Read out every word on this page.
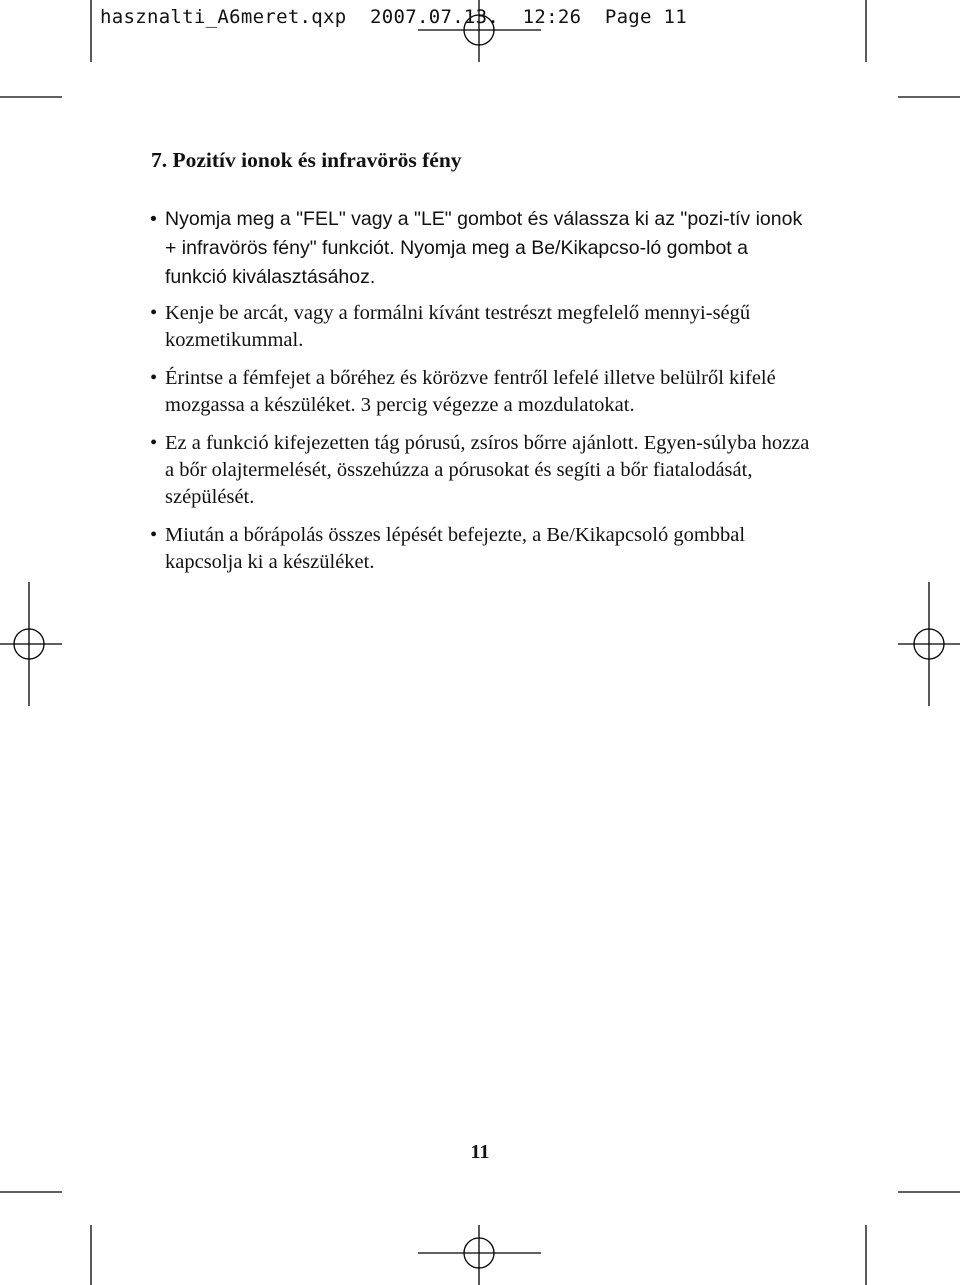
hasznalti_A6meret.qxp 2007.07.13. 12:26 Page 11
7. Pozitív ionok és infravörös fény
• Nyomja meg a "FEL" vagy a "LE" gombot és válassza ki az "pozi-tív ionok + infravörös fény" funkciót. Nyomja meg a Be/Kikapcso-ló gombot a funkció kiválasztásához.
• Kenje be arcát, vagy a formálni kívánt testrészt megfelelő mennyi-ségű kozmetikummal.
• Érintse a fémfejet a bőréhez és körözve fentről lefelé illetve belülről kifelé mozgassa a készüléket. 3 percig végezze a mozdulatokat.
• Ez a funkció kifejezetten tág pórusú, zsíros bőrre ajánlott. Egyen-súlyba hozza a bőr olajtermelését, összehúzza a pórusokat és segíti a bőr fiatalodását, szépülését.
• Miután a bőrápolás összes lépését befejezte, a Be/Kikapcsoló gombbal kapcsolja ki a készüléket.
11
